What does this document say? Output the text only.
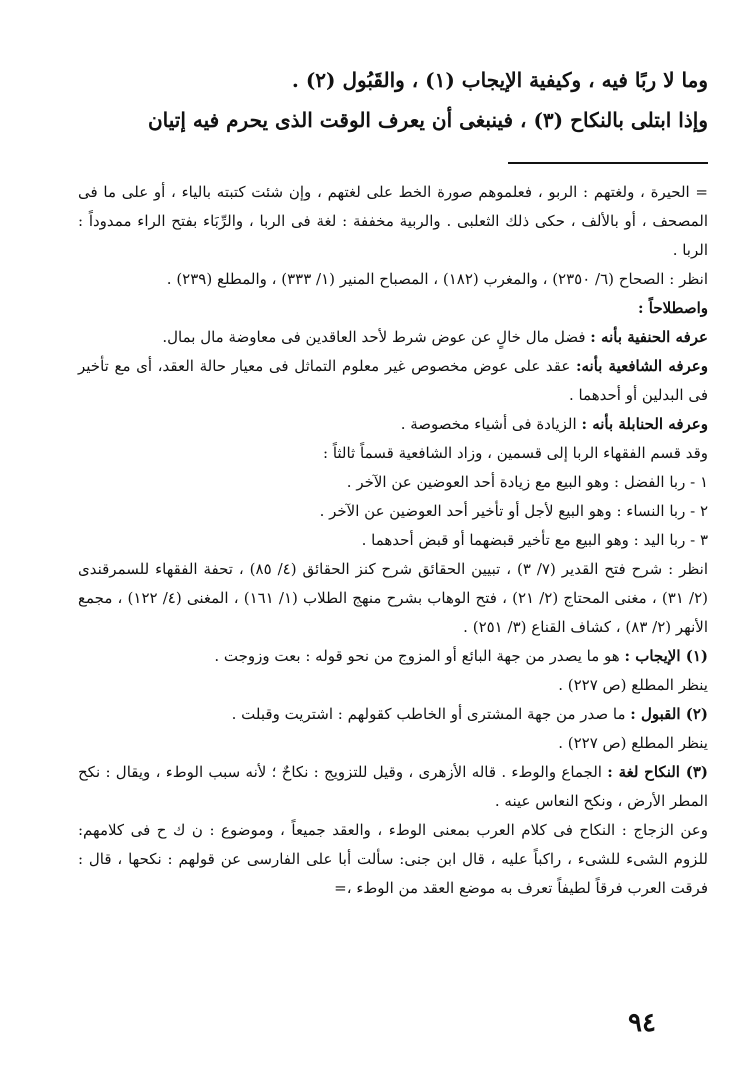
وما لا ربًا فيه ، وكيفية الإيجاب (١) ، والقَبُول (٢) .

وإذا ابتلى بالنكاح (٣) ، فينبغى أن يعرف الوقت الذى يحرم فيه إتيان

= الحيرة ، ولغتهم : الربو ، فعلموهم صورة الخط على لغتهم ، وإن شئت كتبته بالياء ، أو على ما فى المصحف ، أو بالألف ، حكى ذلك الثعلبى . والربية مخففة : لغة فى الربا ، والرِّبَاء بفتح الراء ممدوداً : الربا .

انظر : الصحاح (٦/ ٢٣٥٠) ، والمغرب (١٨٢) ، المصباح المنير (١/ ٣٣٣) ، والمطلع (٢٣٩) .

واصطلاحاً :

عرفه الحنفية بأنه : فضل مال خالٍ عن عوض شرط لأحد العاقدين فى معاوضة مال بمال.

وعرفه الشافعية بأنه: عقد على عوض مخصوص غير معلوم التماثل فى معيار حالة العقد، أى مع تأخير فى البدلين أو أحدهما .

وعرفه الحنابلة بأنه : الزيادة فى أشياء مخصوصة .

وقد قسم الفقهاء الربا إلى قسمين ، وزاد الشافعية قسماً ثالثاً :

١ - ربا الفضل : وهو البيع مع زيادة أحد العوضين عن الآخر .

٢ - ربا النساء : وهو البيع لأجل أو تأخير أحد العوضين عن الآخر .

٣ - ربا اليد : وهو البيع مع تأخير قبضهما أو قبض أحدهما .

انظر : شرح فتح القدير (٧/ ٣) ، تبيين الحقائق شرح كنز الحقائق (٤/ ٨٥) ، تحفة الفقهاء للسمرقندى (٢/ ٣١) ، مغنى المحتاج (٢/ ٢١) ، فتح الوهاب بشرح منهج الطلاب (١/ ١٦١) ، المغنى (٤/ ١٢٢) ، مجمع الأنهر (٢/ ٨٣) ، كشاف القناع (٣/ ٢٥١) .

(١) الإيجاب : هو ما يصدر من جهة البائع أو المزوج من نحو قوله : بعت وزوجت .

ينظر المطلع (ص ٢٢٧) .

(٢) القبول : ما صدر من جهة المشترى أو الخاطب كقولهم : اشتريت وقبلت .

ينظر المطلع (ص ٢٢٧) .

(٣) النكاح لغة : الجماع والوطء . قاله الأزهرى ، وقيل للتزويج : نكاحٌ ؛ لأنه سبب الوطء ، ويقال : نكح المطر الأرض ، ونكح النعاس عينه .

وعن الزجاج : النكاح فى كلام العرب بمعنى الوطء ، والعقد جميعاً ، وموضوع : ن ك ح فى كلامهم: للزوم الشىء للشىء ، راكباً عليه ، قال ابن جنى: سألت أبا على الفارسى عن قولهم : نكحها ، قال : فرقت العرب فرقاً لطيفاً تعرف به موضع العقد من الوطء ،=

٩٤
